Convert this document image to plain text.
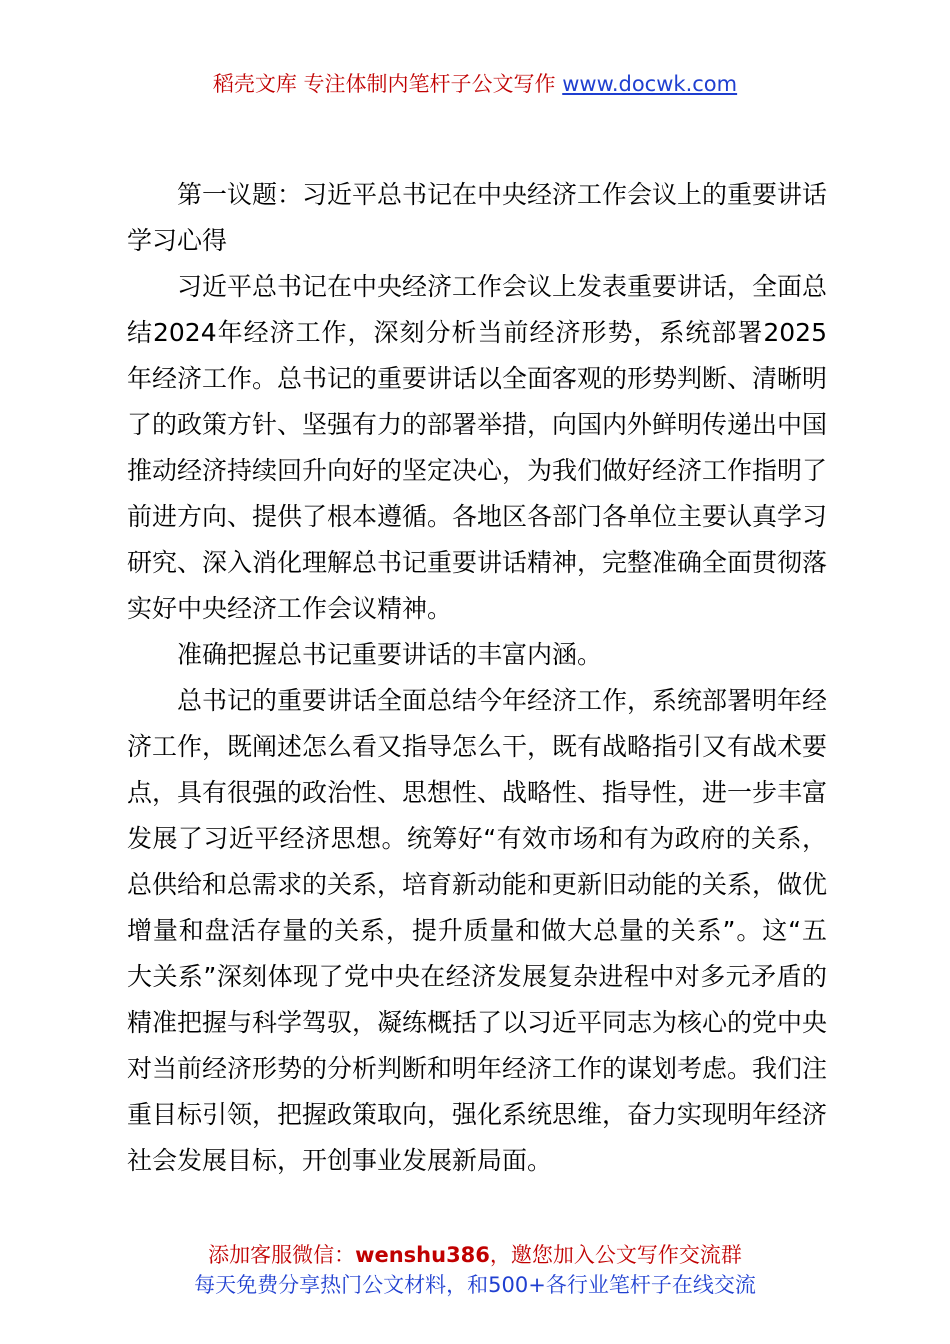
稻壳文库 专注体制内笔杆子公文写作 www.docwk.com

第一议题：习近平总书记在中央经济工作会议上的重要讲话学习心得

习近平总书记在中央经济工作会议上发表重要讲话，全面总结2024年经济工作，深刻分析当前经济形势，系统部署2025年经济工作。总书记的重要讲话以全面客观的形势判断、清晰明了的政策方针、坚强有力的部署举措，向国内外鲜明传递出中国推动经济持续回升向好的坚定决心，为我们做好经济工作指明了前进方向、提供了根本遵循。各地区各部门各单位主要认真学习研究、深入消化理解总书记重要讲话精神，完整准确全面贯彻落实好中央经济工作会议精神。

准确把握总书记重要讲话的丰富内涵。

总书记的重要讲话全面总结今年经济工作，系统部署明年经济工作，既阐述怎么看又指导怎么干，既有战略指引又有战术要点，具有很强的政治性、思想性、战略性、指导性，进一步丰富发展了习近平经济思想。统筹好“有效市场和有为政府的关系，总供给和总需求的关系，培育新动能和更新旧动能的关系，做优增量和盘活存量的关系，提升质量和做大总量的关系”。这“五大关系”深刻体现了党中央在经济发展复杂进程中对多元矛盾的精准把握与科学驾驭，凝练概括了以习近平同志为核心的党中央对当前经济形势的分析判断和明年经济工作的谋划考虑。我们注重目标引领，把握政策取向，强化系统思维，奋力实现明年经济社会发展目标，开创事业发展新局面。

添加客服微信：wenshu386，邀您加入公文写作交流群
每天免费分享热门公文材料，和500+各行业笔杆子在线交流
